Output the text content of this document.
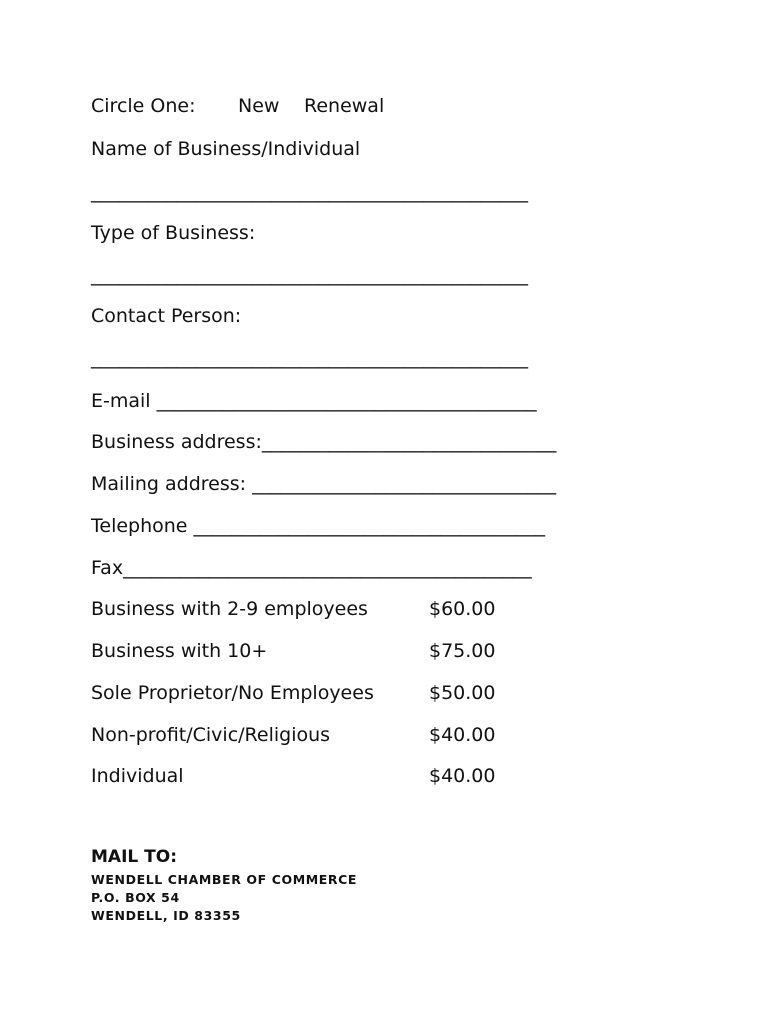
Circle One: New Renewal
Name of Business/Individual
______________________________________________
Type of Business:
______________________________________________
Contact Person:
______________________________________________
E-mail ________________________________________
Business address:_______________________________
Mailing address: ________________________________
Telephone _____________________________________
Fax___________________________________________
Business with 2-9 employees	$60.00
Business with 10+	$75.00
Sole Proprietor/No Employees	$50.00
Non-profit/Civic/Religious	$40.00
Individual	$40.00
MAIL TO:
WENDELL CHAMBER OF COMMERCE
P.O. BOX 54
WENDELL, ID 83355
